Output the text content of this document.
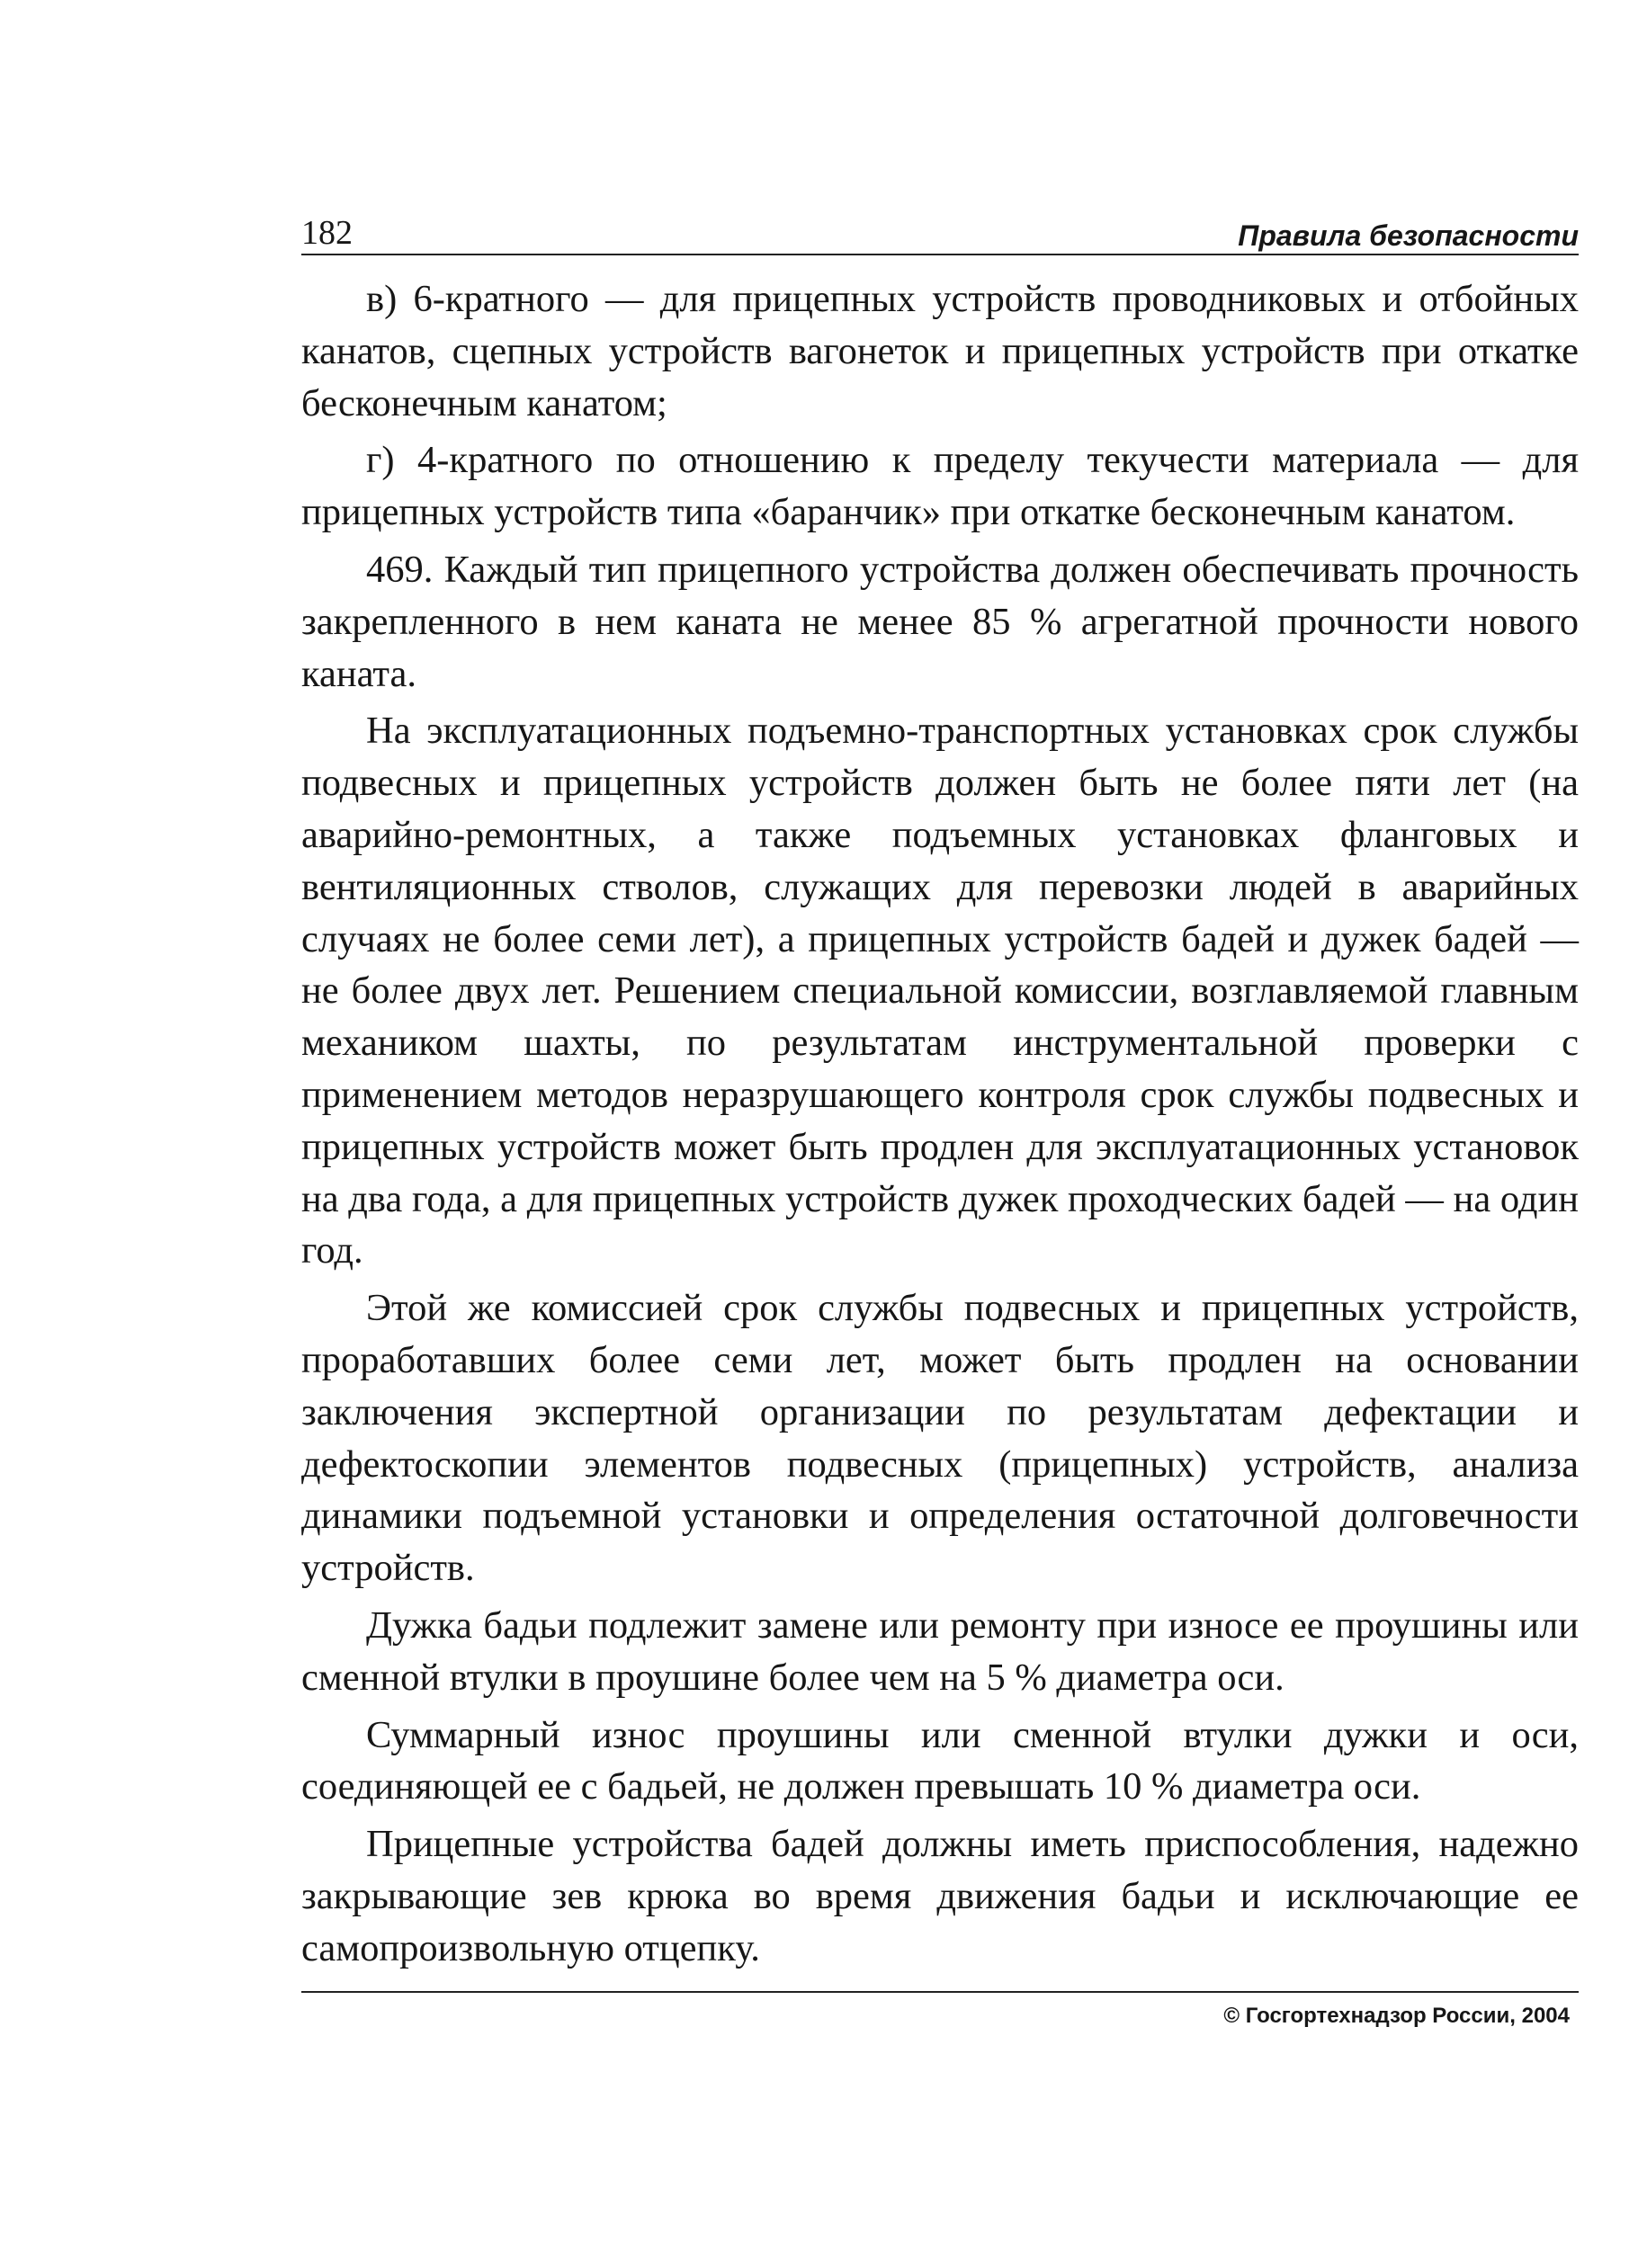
182	Правила безопасности

в) 6-кратного — для прицепных устройств проводниковых и отбойных канатов, сцепных устройств вагонеток и прицепных устройств при откатке бесконечным канатом;

г) 4-кратного по отношению к пределу текучести материала — для прицепных устройств типа «баранчик» при откатке бесконечным канатом.

469. Каждый тип прицепного устройства должен обеспечивать прочность закрепленного в нем каната не менее 85 % агрегатной прочности нового каната.

На эксплуатационных подъемно-транспортных установках срок службы подвесных и прицепных устройств должен быть не более пяти лет (на аварийно-ремонтных, а также подъемных установках фланговых и вентиляционных стволов, служащих для перевозки людей в аварийных случаях не более семи лет), а прицепных устройств бадей и дужек бадей — не более двух лет. Решением специальной комиссии, возглавляемой главным механиком шахты, по результатам инструментальной проверки с применением методов неразрушающего контроля срок службы подвесных и прицепных устройств может быть продлен для эксплуатационных установок на два года, а для прицепных устройств дужек проходческих бадей — на один год.

Этой же комиссией срок службы подвесных и прицепных устройств, проработавших более семи лет, может быть продлен на основании заключения экспертной организации по результатам дефектации и дефектоскопии элементов подвесных (прицепных) устройств, анализа динамики подъемной установки и определения остаточной долговечности устройств.

Дужка бадьи подлежит замене или ремонту при износе ее проушины или сменной втулки в проушине более чем на 5 % диаметра оси.

Суммарный износ проушины или сменной втулки дужки и оси, соединяющей ее с бадьей, не должен превышать 10 % диаметра оси.

Прицепные устройства бадей должны иметь приспособления, надежно закрывающие зев крюка во время движения бадьи и исключающие ее самопроизвольную отцепку.

© Госгортехнадзор России, 2004
